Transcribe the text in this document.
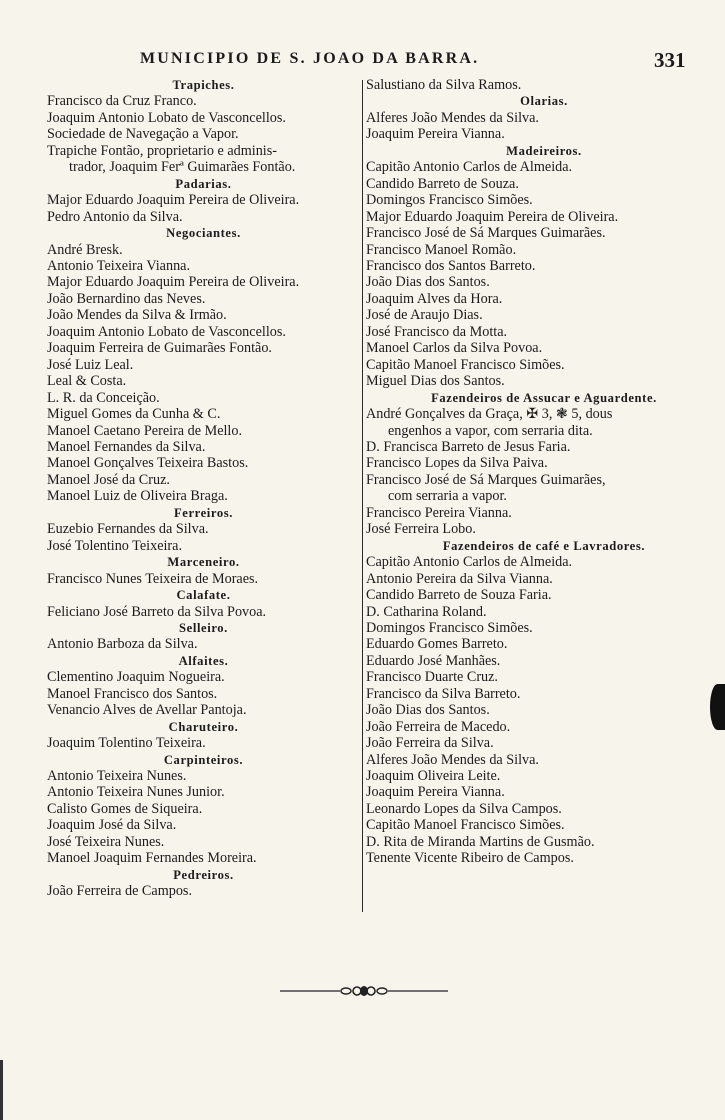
MUNICIPIO DE S. JOAO DA BARRA.	331
Trapiches.
Francisco da Cruz Franco.
Joaquim Antonio Lobato de Vasconcellos.
Sociedade de Navegação a Vapor.
Trapiche Fontão, proprietario e adminis-
trador, Joaquim Ferª Guimarães Fontão.
Padarias.
Major Eduardo Joaquim Pereira de Oliveira.
Pedro Antonio da Silva.
Negociantes.
André Bresk.
Antonio Teixeira Vianna.
Major Eduardo Joaquim Pereira de Oliveira.
João Bernardino das Neves.
João Mendes da Silva & Irmão.
Joaquim Antonio Lobato de Vasconcellos.
Joaquim Ferreira de Guimarães Fontão.
José Luiz Leal.
Leal & Costa.
L. R. da Conceição.
Miguel Gomes da Cunha & C.
Manoel Caetano Pereira de Mello.
Manoel Fernandes da Silva.
Manoel Gonçalves Teixeira Bastos.
Manoel José da Cruz.
Manoel Luiz de Oliveira Braga.
Ferreiros.
Euzebio Fernandes da Silva.
José Tolentino Teixeira.
Marceneiro.
Francisco Nunes Teixeira de Moraes.
Calafate.
Feliciano José Barreto da Silva Povoa.
Selleiro.
Antonio Barboza da Silva.
Alfaites.
Clementino Joaquim Nogueira.
Manoel Francisco dos Santos.
Venancio Alves de Avellar Pantoja.
Charuteiro.
Joaquim Tolentino Teixeira.
Carpinteiros.
Antonio Teixeira Nunes.
Antonio Teixeira Nunes Junior.
Calisto Gomes de Siqueira.
Joaquim José da Silva.
José Teixeira Nunes.
Manoel Joaquim Fernandes Moreira.
Pedreiros.
João Ferreira de Campos.
Salustiano da Silva Ramos.
Olarias.
Alferes João Mendes da Silva.
Joaquim Pereira Vianna.
Madeireiros.
Capitão Antonio Carlos de Almeida.
Candido Barreto de Souza.
Domingos Francisco Simões.
Major Eduardo Joaquim Pereira de Oliveira.
Francisco José de Sá Marques Guimarães.
Francisco Manoel Romão.
Francisco dos Santos Barreto.
João Dias dos Santos.
Joaquim Alves da Hora.
José de Araujo Dias.
José Francisco da Motta.
Manoel Carlos da Silva Povoa.
Capitão Manoel Francisco Simões.
Miguel Dias dos Santos.
Fazendeiros de Assucar e Aguardente.
André Gonçalves da Graça, ✠ 3, ❃ 5, dous
engenhos a vapor, com serraria dita.
D. Francisca Barreto de Jesus Faria.
Francisco Lopes da Silva Paiva.
Francisco José de Sá Marques Guimarães,
com serraria a vapor.
Francisco Pereira Vianna.
José Ferreira Lobo.
Fazendeiros de café e Lavradores.
Capitão Antonio Carlos de Almeida.
Antonio Pereira da Silva Vianna.
Candido Barreto de Souza Faria.
D. Catharina Roland.
Domingos Francisco Simões.
Eduardo Gomes Barreto.
Eduardo José Manhães.
Francisco Duarte Cruz.
Francisco da Silva Barreto.
João Dias dos Santos.
João Ferreira de Macedo.
João Ferreira da Silva.
Alferes João Mendes da Silva.
Joaquim Oliveira Leite.
Joaquim Pereira Vianna.
Leonardo Lopes da Silva Campos.
Capitão Manoel Francisco Simões.
D. Rita de Miranda Martins de Gusmão.
Tenente Vicente Ribeiro de Campos.
